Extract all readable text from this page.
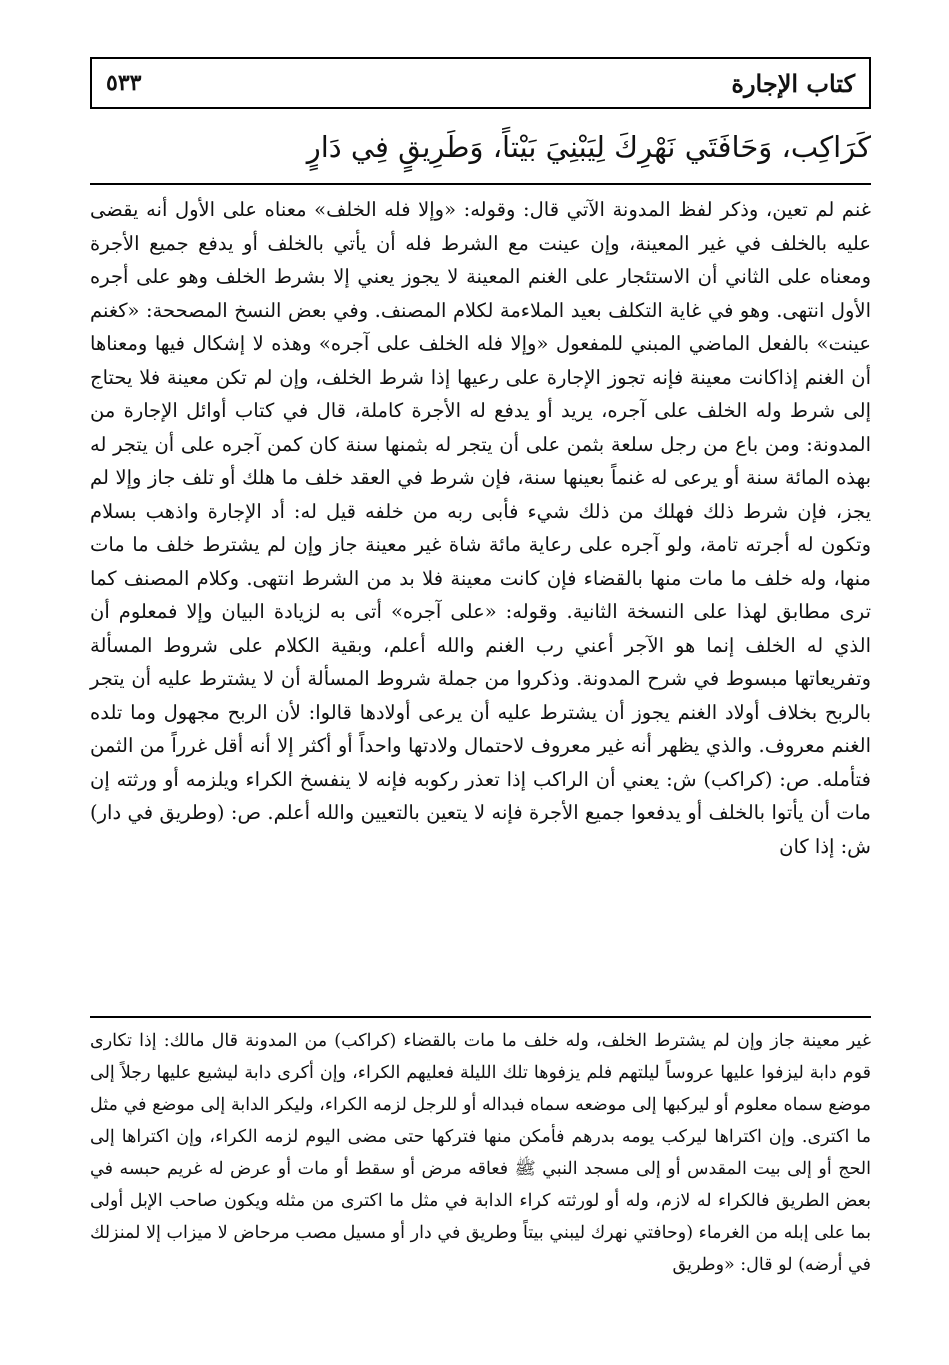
٥٣٣	كتاب الإجارة
كَرَاكِب، وَحَافَتَي نَهْرِكَ لِيَبْنِيَ بَيْتاً، وَطَرِيقٍ فِي دَارٍ

غنم لم تعين، وذكر لفظ المدونة الآتي قال: وقوله: «وإلا فله الخلف» معناه على الأول أنه يقضى عليه بالخلف في غير المعينة، وإن عينت مع الشرط فله أن يأتي بالخلف أو يدفع جميع الأجرة ومعناه على الثاني أن الاستئجار على الغنم المعينة لا يجوز يعني إلا بشرط الخلف وهو على أجره الأول انتهى. وهو في غاية التكلف بعيد الملاءمة لكلام المصنف. وفي بعض النسخ المصححة: «كغنم عينت» بالفعل الماضي المبني للمفعول «وإلا فله الخلف على آجره» وهذه لا إشكال فيها ومعناها أن الغنم إذاكانت معينة فإنه تجوز الإجارة على رعيها إذا شرط الخلف، وإن لم تكن معينة فلا يحتاج إلى شرط وله الخلف على آجره، يريد أو يدفع له الأجرة كاملة، قال في كتاب أوائل الإجارة من المدونة: ومن باع من رجل سلعة بثمن على أن يتجر له بثمنها سنة كان كمن آجره على أن يتجر له بهذه المائة سنة أو يرعى له غنماً بعينها سنة، فإن شرط في العقد خلف ما هلك أو تلف جاز وإلا لم يجز، فإن شرط ذلك فهلك من ذلك شيء فأبى ربه من خلفه قيل له: أد الإجارة واذهب بسلام وتكون له أجرته تامة، ولو آجره على رعاية مائة شاة غير معينة جاز وإن لم يشترط خلف ما مات منها، وله خلف ما مات منها بالقضاء فإن كانت معينة فلا بد من الشرط انتهى. وكلام المصنف كما ترى مطابق لهذا على النسخة الثانية. وقوله: «على آجره» أتى به لزيادة البيان وإلا فمعلوم أن الذي له الخلف إنما هو الآجر أعني رب الغنم والله أعلم، وبقية الكلام على شروط المسألة وتفريعاتها مبسوط في شرح المدونة. وذكروا من جملة شروط المسألة أن لا يشترط عليه أن يتجر بالربح بخلاف أولاد الغنم يجوز أن يشترط عليه أن يرعى أولادها قالوا: لأن الربح مجهول وما تلده الغنم معروف. والذي يظهر أنه غير معروف لاحتمال ولادتها واحداً أو أكثر إلا أنه أقل غرراً من الثمن فتأمله. ص: (كراكب) ش: يعني أن الراكب إذا تعذر ركوبه فإنه لا ينفسخ الكراء ويلزمه أو ورثته إن مات أن يأتوا بالخلف أو يدفعوا جميع الأجرة فإنه لا يتعين بالتعيين والله أعلم. ص: (وطريق في دار) ش: إذا كان

غير معينة جاز وإن لم يشترط الخلف، وله خلف ما مات بالقضاء (كراكب) من المدونة قال مالك: إذا تكارى قوم دابة ليزفوا عليها عروساً ليلتهم فلم يزفوها تلك الليلة فعليهم الكراء، وإن أكرى دابة ليشيع عليها رجلاً إلى موضع سماه معلوم أو ليركبها إلى موضعه سماه فبداله أو للرجل لزمه الكراء، وليكر الدابة إلى موضع في مثل ما اكترى. وإن اكتراها ليركب يومه بدرهم فأمكن منها فتركها حتى مضى اليوم لزمه الكراء، وإن اكتراها إلى الحج أو إلى بيت المقدس أو إلى مسجد النبي ﷺ فعاقه مرض أو سقط أو مات أو عرض له غريم حبسه في بعض الطريق فالكراء له لازم، وله أو لورثته كراء الدابة في مثل ما اكترى من مثله ويكون صاحب الإبل أولى بما على إبله من الغرماء (وحافتي نهرك ليبني بيتاً وطريق في دار أو مسيل مصب مرحاض لا ميزاب إلا لمنزلك في أرضه) لو قال: «وطريق
